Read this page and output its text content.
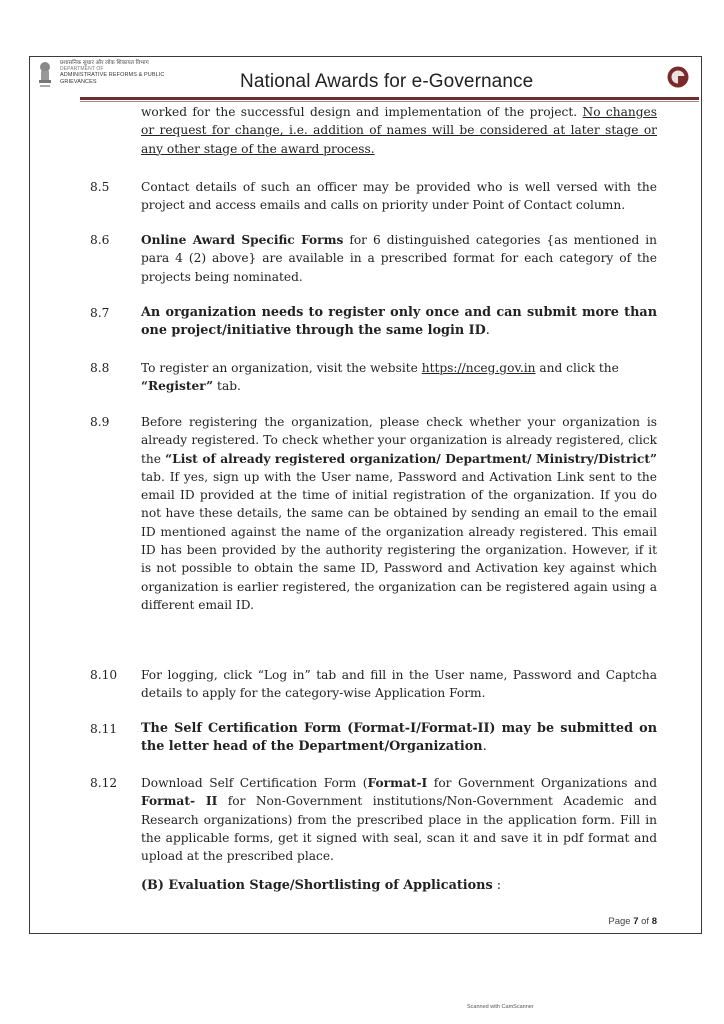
प्रशासनिक सुधार और लोक शिकायत विभाग
DEPARTMENT OF
ADMINISTRATIVE REFORMS & PUBLIC
GRIEVANCES	National Awards for e-Governance
worked for the successful design and implementation of the project. No changes or request for change, i.e. addition of names will be considered at later stage or any other stage of the award process.
8.5	Contact details of such an officer may be provided who is well versed with the project and access emails and calls on priority under Point of Contact column.
8.6	Online Award Specific Forms for 6 distinguished categories {as mentioned in para 4 (2) above} are available in a prescribed format for each category of the projects being nominated.
8.7 An organization needs to register only once and can submit more than one project/initiative through the same login ID.
8.8	To register an organization, visit the website https://nceg.gov.in and click the
“Register” tab.
8.9	Before registering the organization, please check whether your organization is already registered. To check whether your organization is already registered, click the “List of already registered organization/ Department/ Ministry/District” tab. If yes, sign up with the User name, Password and Activation Link sent to the email ID provided at the time of initial registration of the organization. If you do not have these details, the same can be obtained by sending an email to the email ID mentioned against the name of the organization already registered. This email ID has been provided by the authority registering the organization. However, if it is not possible to obtain the same ID, Password and Activation key against which organization is earlier registered, the organization can be registered again using a different email ID.
8.10 For logging, click “Log in” tab and fill in the User name, Password and Captcha details to apply for the category-wise Application Form.
8.11 The Self Certification Form (Format-I/Format-II) may be submitted on the letter head of the Department/Organization.
8.12 Download Self Certification Form (Format-I for Government Organizations and Format- II for Non-Government institutions/Non-Government Academic and Research organizations) from the prescribed place in the application form. Fill in the applicable forms, get it signed with seal, scan it and save it in pdf format and upload at the prescribed place.
(B) Evaluation Stage/Shortlisting of Applications :
Page 7 of 8
Scanned with CamScanner
